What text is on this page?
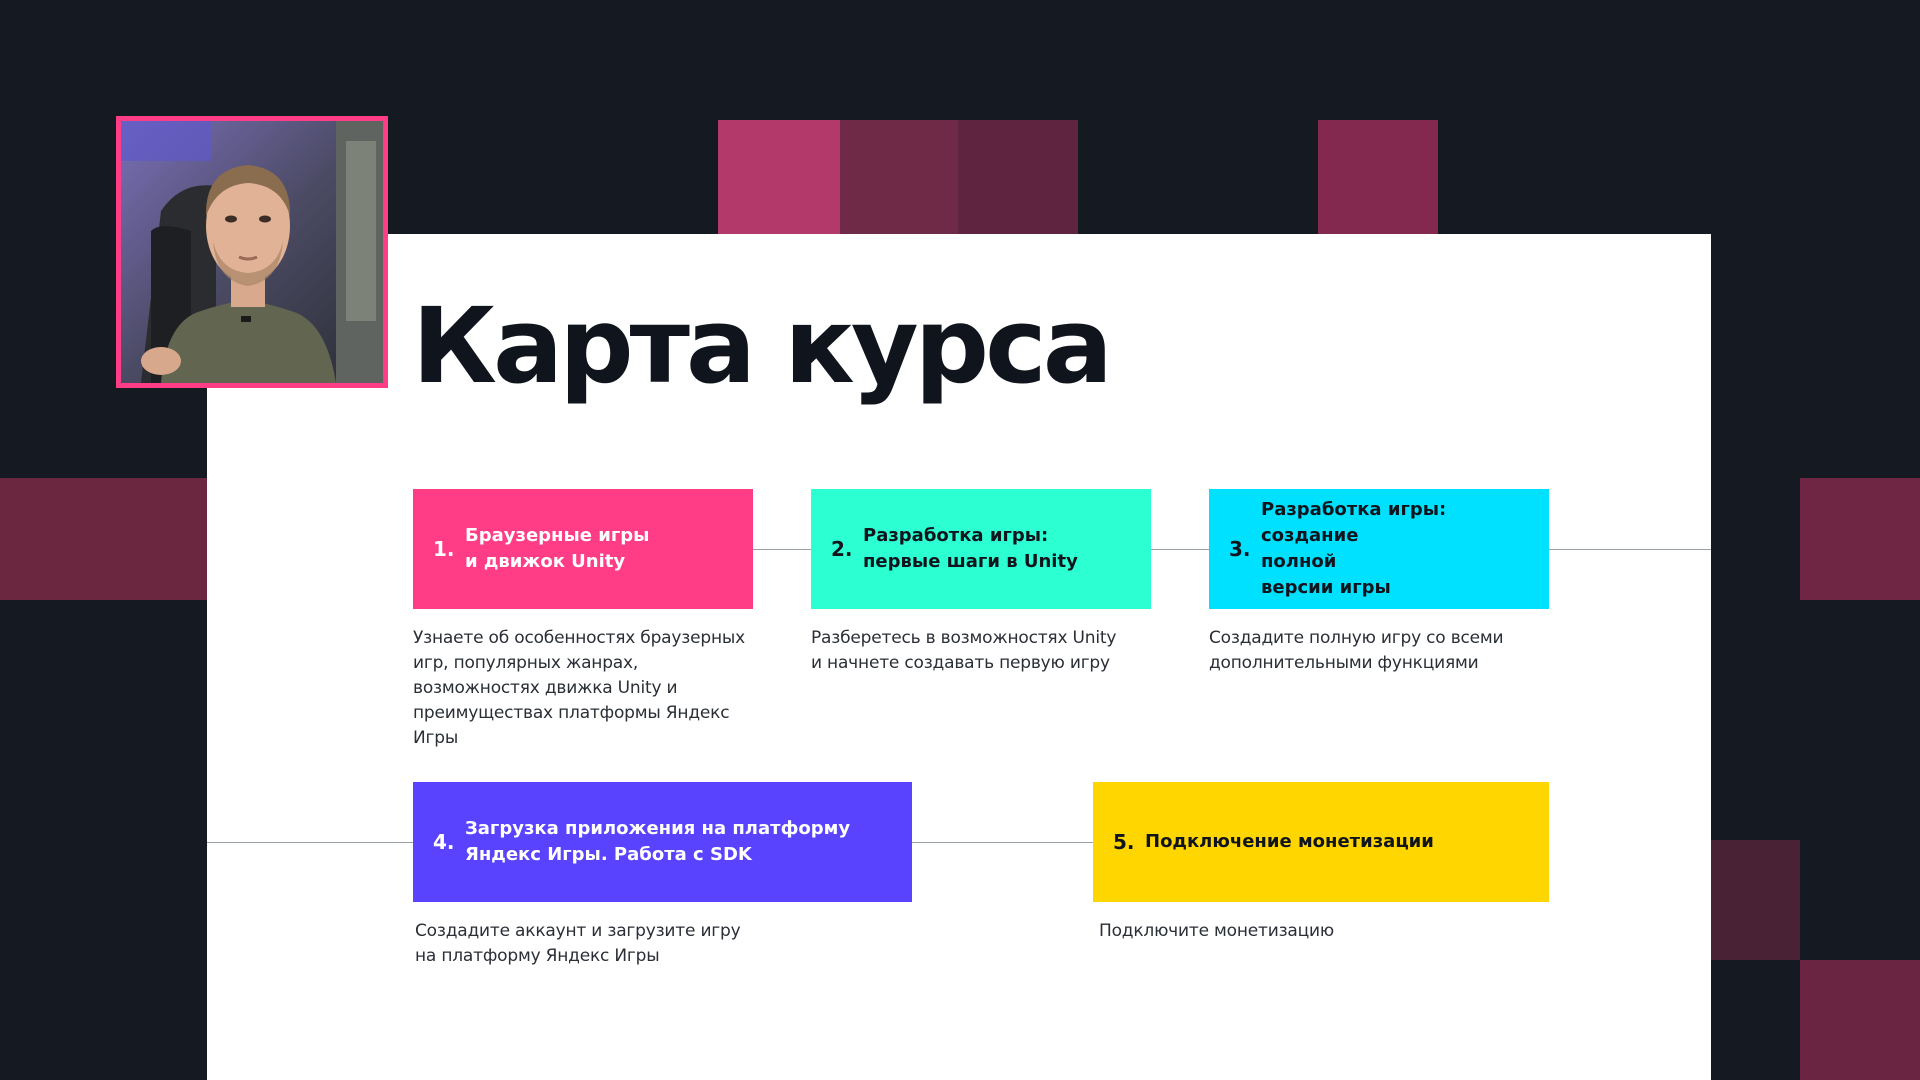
Карта курса
1.
Браузерные игры
и движок Unity

Узнаете об особенностях браузерных
игр, популярных жанрах,
возможностях движка Unity и
преимуществах платформы Яндекс
Игры

2.
Разработка игры:
первые шаги в Unity

Разберетесь в возможностях Unity
и начнете создавать первую игру

3.
Разработка игры: создание
полной
версии игры

Создадите полную игру со всеми
дополнительными функциями

4.
Загрузка приложения на платформу
Яндекс Игры. Работа с SDK

Создадите аккаунт и загрузите игру
на платформу Яндекс Игры

5. Подключение монетизации

Подключите монетизацию
